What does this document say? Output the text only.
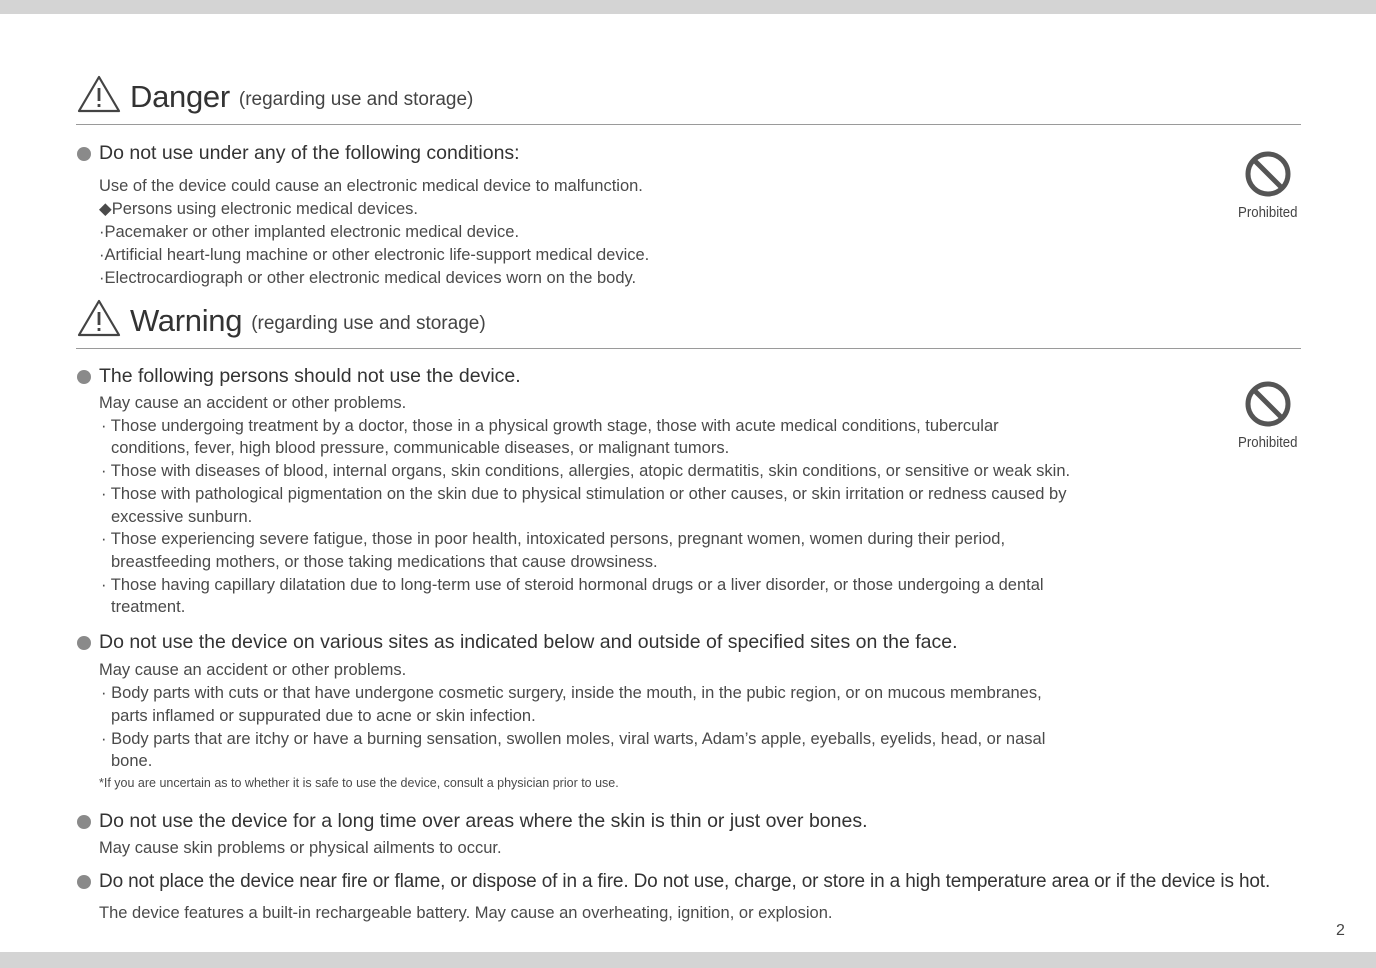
Danger (regarding use and storage)
Do not use under any of the following conditions:
Use of the device could cause an electronic medical device to malfunction.
◆Persons using electronic medical devices.
·Pacemaker or other implanted electronic medical device.
·Artificial heart-lung machine or other electronic life-support medical device.
·Electrocardiograph or other electronic medical devices worn on the body.
Prohibited
Warning (regarding use and storage)
Prohibited
The following persons should not use the device.
May cause an accident or other problems.
· Those undergoing treatment by a doctor, those in a physical growth stage, those with acute medical conditions, tubercular
conditions, fever, high blood pressure, communicable diseases, or malignant tumors.
· Those with diseases of blood, internal organs, skin conditions, allergies, atopic dermatitis, skin conditions, or sensitive or weak skin.
· Those with pathological pigmentation on the skin due to physical stimulation or other causes, or skin irritation or redness caused by
excessive sunburn.
· Those experiencing severe fatigue, those in poor health, intoxicated persons, pregnant women, women during their period,
breastfeeding mothers, or those taking medications that cause drowsiness.
· Those having capillary dilatation due to long-term use of steroid hormonal drugs or a liver disorder, or those undergoing a dental
treatment.
Do not use the device on various sites as indicated below and outside of specified sites on the face.
May cause an accident or other problems.
· Body parts with cuts or that have undergone cosmetic surgery, inside the mouth, in the pubic region, or on mucous membranes,
parts inflamed or suppurated due to acne or skin infection.
· Body parts that are itchy or have a burning sensation, swollen moles, viral warts, Adam’s apple, eyeballs, eyelids, head, or nasal
bone.
*If you are uncertain as to whether it is safe to use the device, consult a physician prior to use.
Do not use the device for a long time over areas where the skin is thin or just over bones.
May cause skin problems or physical ailments to occur.
Do not place the device near fire or flame, or dispose of in a fire. Do not use, charge, or store in a high temperature area or if the device is hot.
The device features a built-in rechargeable battery. May cause an overheating, ignition, or explosion.
2
